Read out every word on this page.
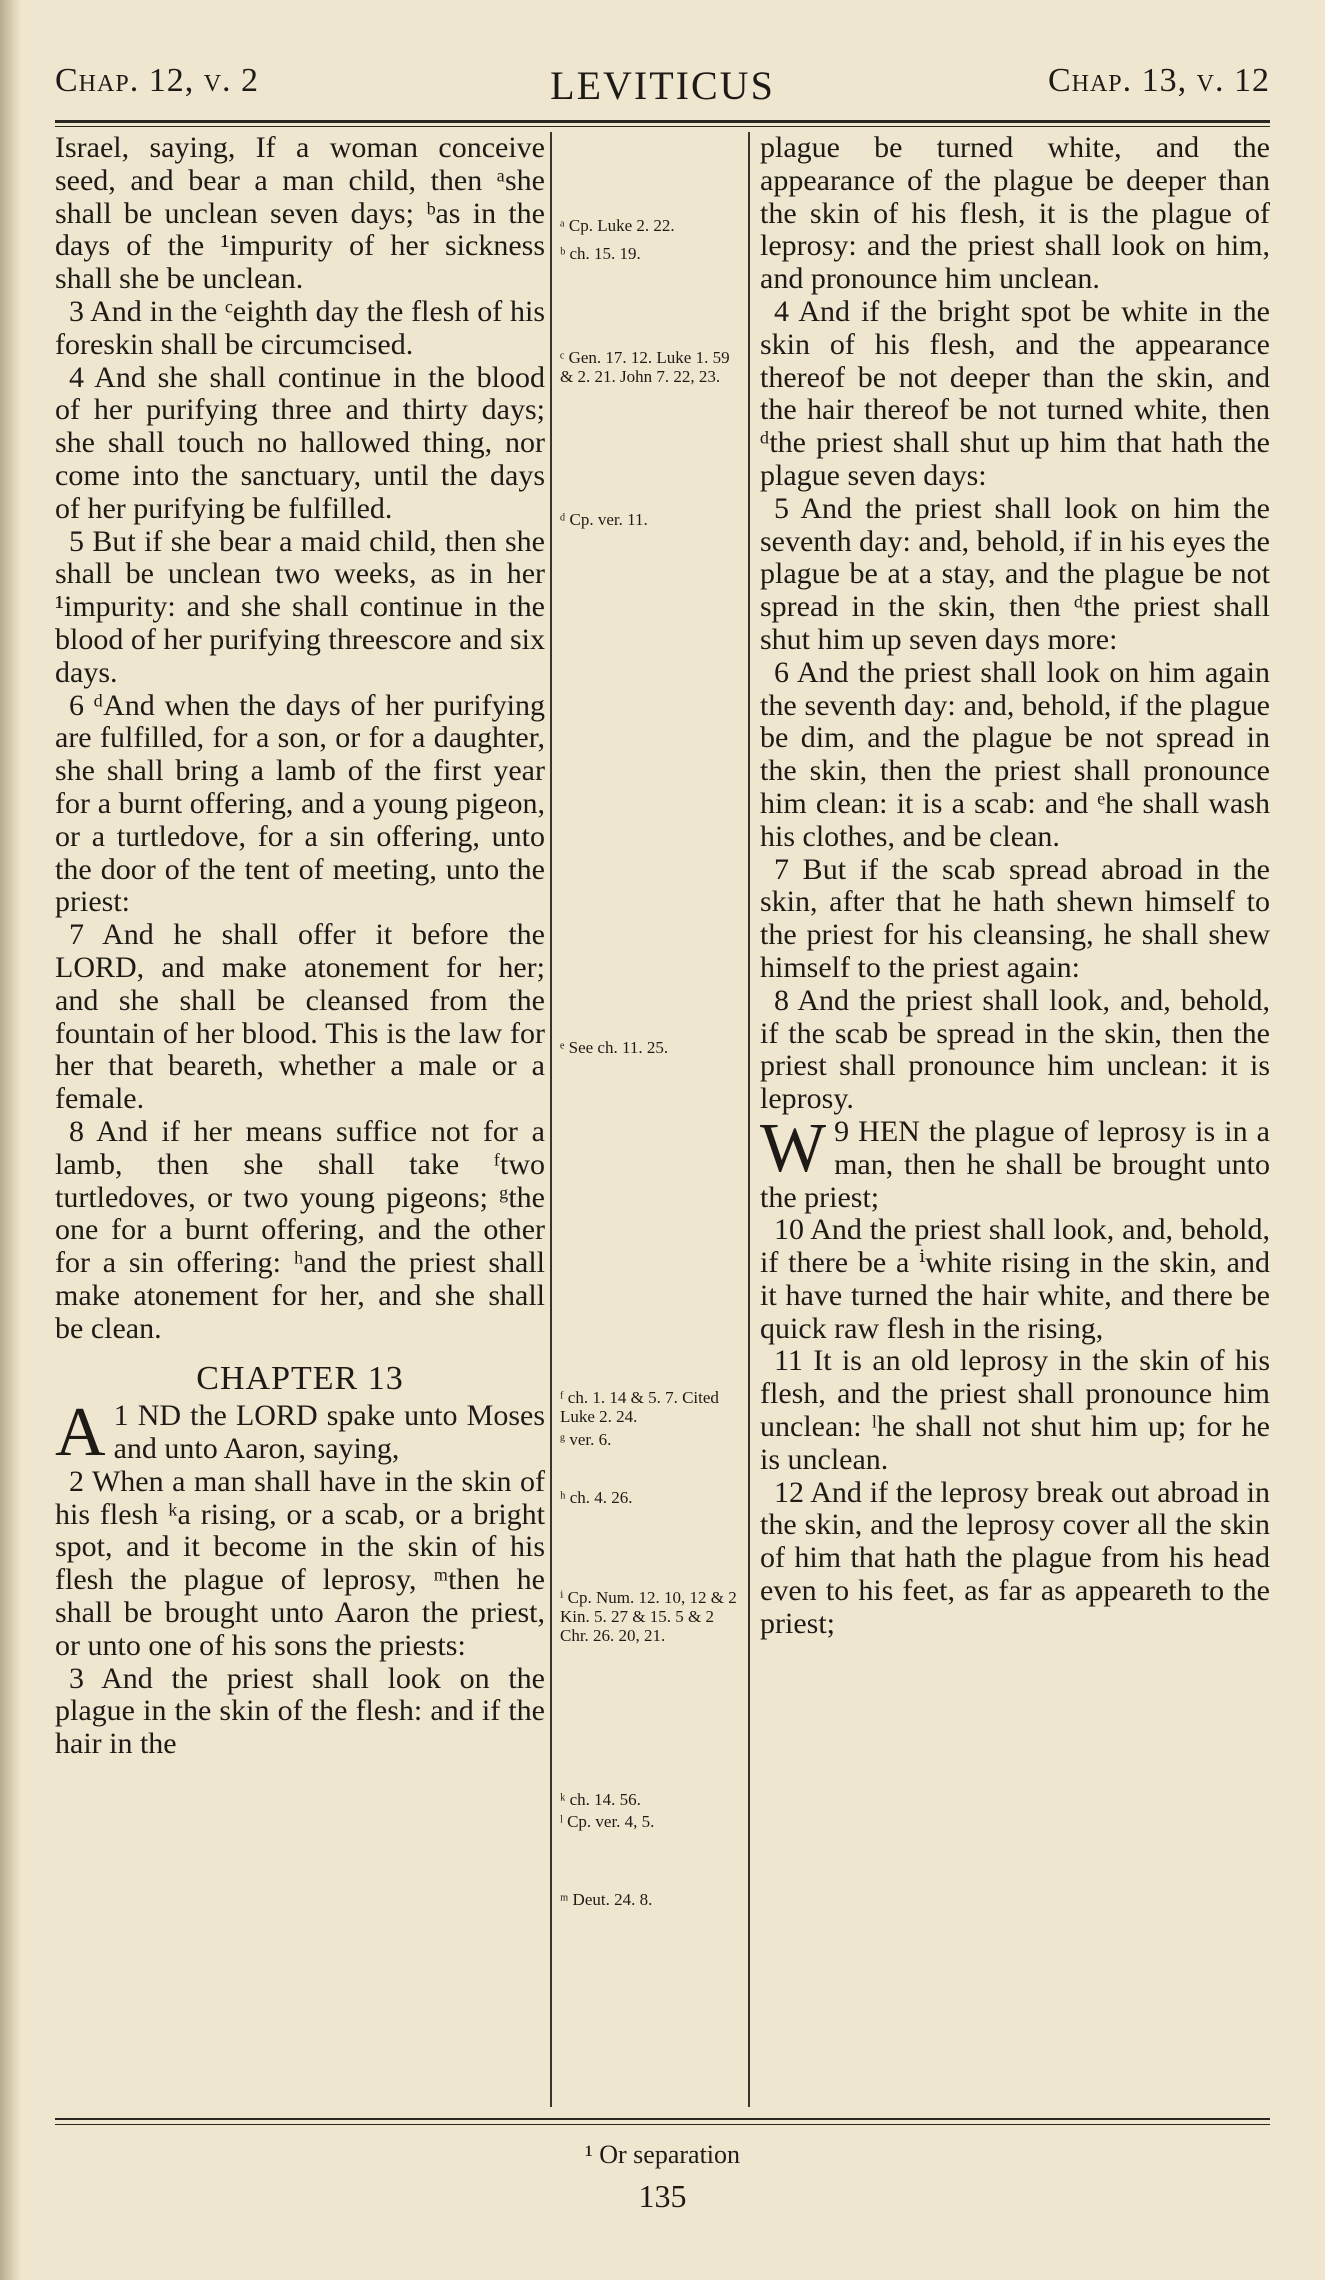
Chap. 12, v. 2	LEVITICUS	Chap. 13, v. 12

Israel, saying, If a woman conceive seed, and bear a man child, then ᵃshe shall be unclean seven days; ᵇas in the days of the ¹impurity of her sickness shall she be unclean.

3 And in the ᶜeighth day the flesh of his foreskin shall be circumcised.

4 And she shall continue in the blood of her purifying three and thirty days; she shall touch no hallowed thing, nor come into the sanctuary, until the days of her purifying be fulfilled.

5 But if she bear a maid child, then she shall be unclean two weeks, as in her ¹impurity: and she shall continue in the blood of her purifying threescore and six days.

6 ᵈAnd when the days of her purifying are fulfilled, for a son, or for a daughter, she shall bring a lamb of the first year for a burnt offering, and a young pigeon, or a turtledove, for a sin offering, unto the door of the tent of meeting, unto the priest:

7 And he shall offer it before the LORD, and make atonement for her; and she shall be cleansed from the fountain of her blood. This is the law for her that beareth, whether a male or a female.

8 And if her means suffice not for a lamb, then she shall take ᶠtwo turtledoves, or two young pigeons; ᵍthe one for a burnt offering, and the other for a sin offering: ʰand the priest shall make atonement for her, and she shall be clean.

CHAPTER 13

1
A ND the LORD spake unto Moses and unto Aaron, saying,

2 When a man shall have in the skin of his flesh ᵏa rising, or a scab, or a bright spot, and it become in the skin of his flesh the plague of leprosy, ᵐthen he shall be brought unto Aaron the priest, or unto one of his sons the priests:

3 And the priest shall look on the plague in the skin of the flesh: and if the hair in the

ᵃ Cp. Luke 2. 22.
ᵇ ch. 15. 19.
ᶜ Gen. 17. 12. Luke 1. 59 & 2. 21. John 7. 22, 23.
ᵈ Cp. ver. 11.
ᵉ See ch. 11. 25.
ᶠ ch. 1. 14 & 5. 7. Cited Luke 2. 24.
ᵍ ver. 6.
ʰ ch. 4. 26.
ⁱ Cp. Num. 12. 10, 12 & 2 Kin. 5. 27 & 15. 5 & 2 Chr. 26. 20, 21.
ᵏ ch. 14. 56.
ˡ Cp. ver. 4, 5.
ᵐ Deut. 24. 8.

plague be turned white, and the appearance of the plague be deeper than the skin of his flesh, it is the plague of leprosy: and the priest shall look on him, and pronounce him unclean.

4 And if the bright spot be white in the skin of his flesh, and the appearance thereof be not deeper than the skin, and the hair thereof be not turned white, then ᵈthe priest shall shut up him that hath the plague seven days:

5 And the priest shall look on him the seventh day: and, behold, if in his eyes the plague be at a stay, and the plague be not spread in the skin, then ᵈthe priest shall shut him up seven days more:

6 And the priest shall look on him again the seventh day: and, behold, if the plague be dim, and the plague be not spread in the skin, then the priest shall pronounce him clean: it is a scab: and ᵉhe shall wash his clothes, and be clean.

7 But if the scab spread abroad in the skin, after that he hath shewn himself to the priest for his cleansing, he shall shew himself to the priest again:

8 And the priest shall look, and, behold, if the scab be spread in the skin, then the priest shall pronounce him unclean: it is leprosy.

9
W HEN the plague of leprosy is in a man, then he shall be brought unto the priest;

10 And the priest shall look, and, behold, if there be a ⁱwhite rising in the skin, and it have turned the hair white, and there be quick raw flesh in the rising,

11 It is an old leprosy in the skin of his flesh, and the priest shall pronounce him unclean: ˡhe shall not shut him up; for he is unclean.

12 And if the leprosy break out abroad in the skin, and the leprosy cover all the skin of him that hath the plague from his head even to his feet, as far as appeareth to the priest;

¹ Or separation
135
